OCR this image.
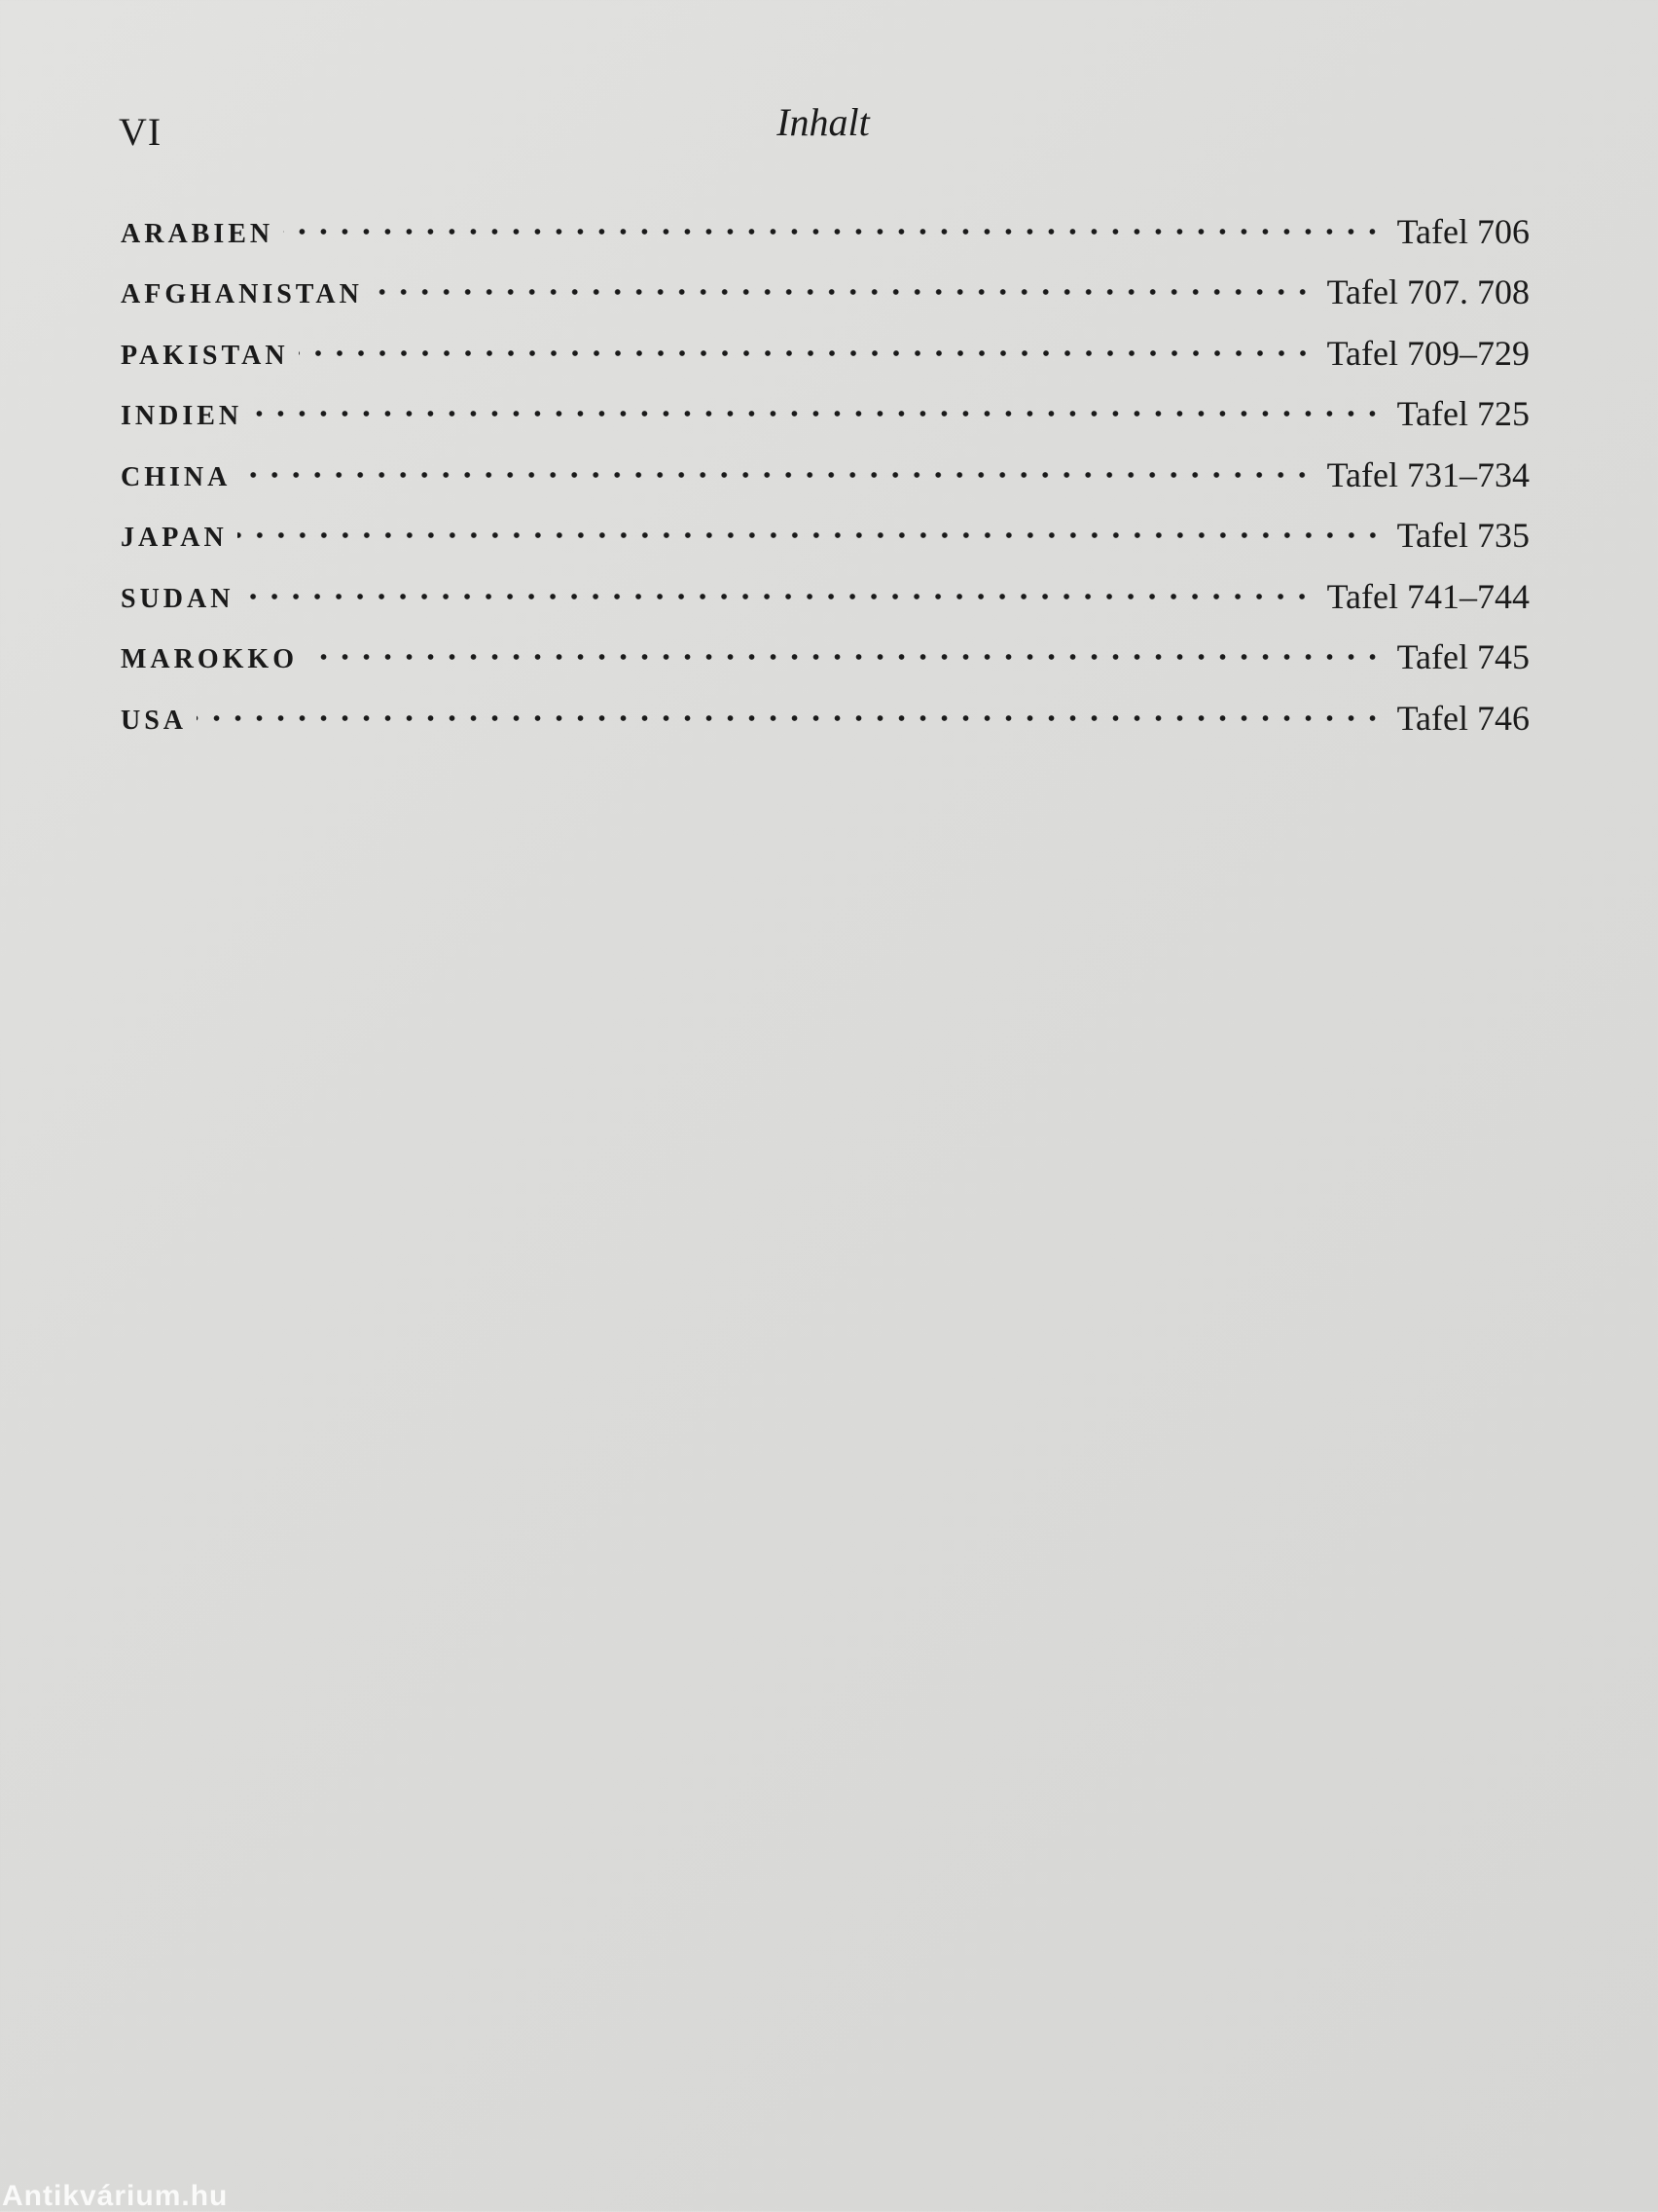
VI	Inhalt
ARABIEN	Tafel 706
AFGHANISTAN	Tafel 707. 708
PAKISTAN	Tafel 709–729
INDIEN	Tafel 725
CHINA	Tafel 731–734
JAPAN	Tafel 735
SUDAN	Tafel 741–744
MAROKKO	Tafel 745
USA	Tafel 746
Antikvárium.hu
